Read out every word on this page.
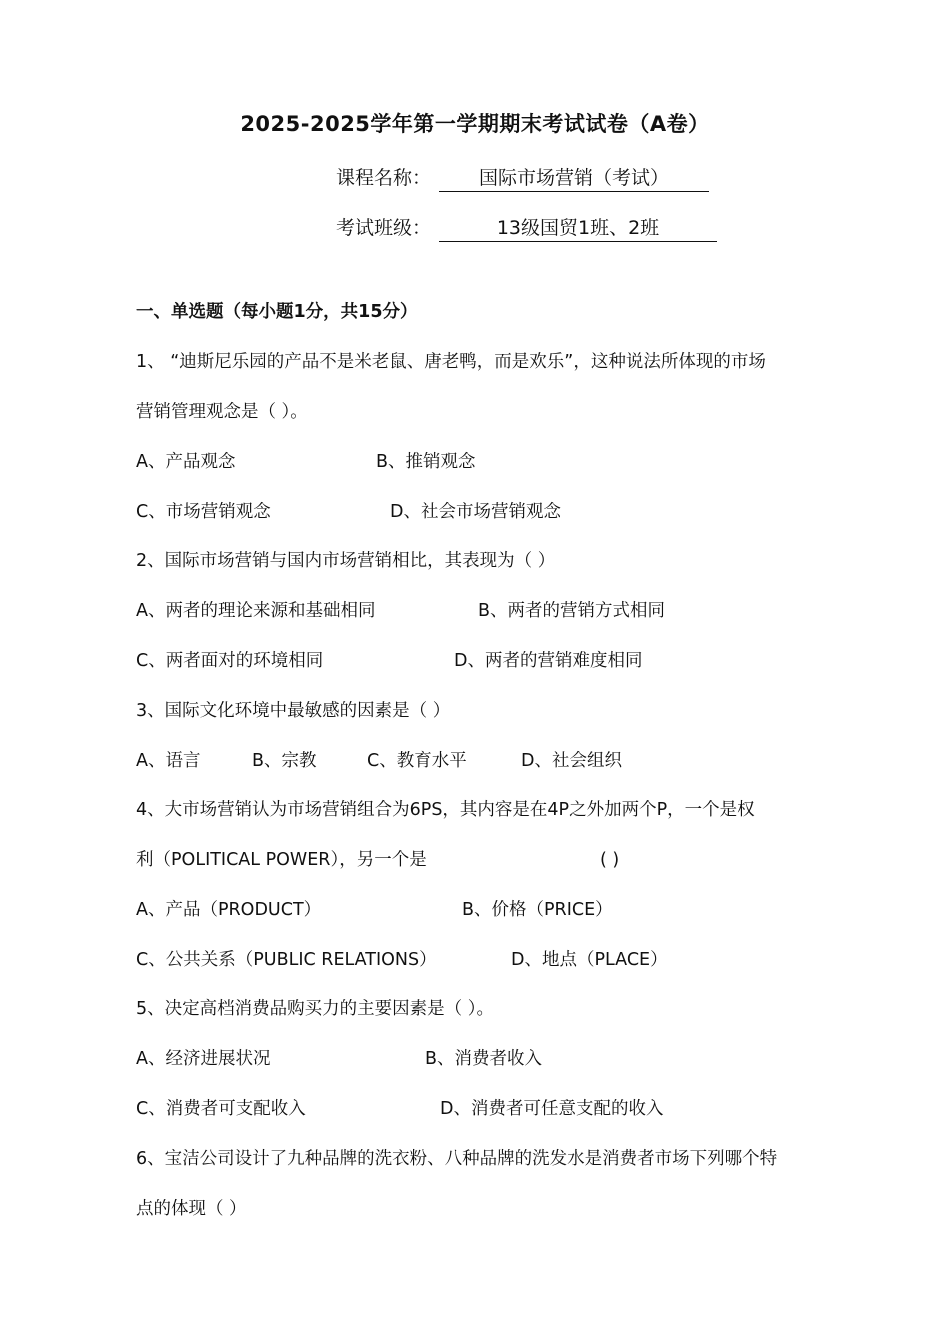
2025-2025学年第一学期期末考试试卷（A卷）
课程名称：	国际市场营销（考试）
考试班级：	13级国贸1班、2班
一、单选题（每小题1分，共15分）
1、 “迪斯尼乐园的产品不是米老鼠、唐老鸭，而是欢乐”，这种说法所体现的市场
营销管理观念是（ ）。
A、产品观念	B、推销观念
C、市场营销观念	D、社会市场营销观念
2、国际市场营销与国内市场营销相比，其表现为（ ）
A、两者的理论来源和基础相同	B、两者的营销方式相同
C、两者面对的环境相同	D、两者的营销难度相同
3、国际文化环境中最敏感的因素是（ ）
A、语言	B、宗教	C、教育水平	D、社会组织
4、大市场营销认为市场营销组合为6PS，其内容是在4P之外加两个P，一个是权
利（POLITICAL POWER），另一个是	( )
A、产品（PRODUCT）	B、价格（PRICE）
C、公共关系（PUBLIC RELATIONS）	D、地点（PLACE）
5、决定高档消费品购买力的主要因素是（ ）。
A、经济进展状况	B、消费者收入
C、消费者可支配收入	D、消费者可任意支配的收入
6、宝洁公司设计了九种品牌的洗衣粉、八种品牌的洗发水是消费者市场下列哪个特
点的体现（ ）
